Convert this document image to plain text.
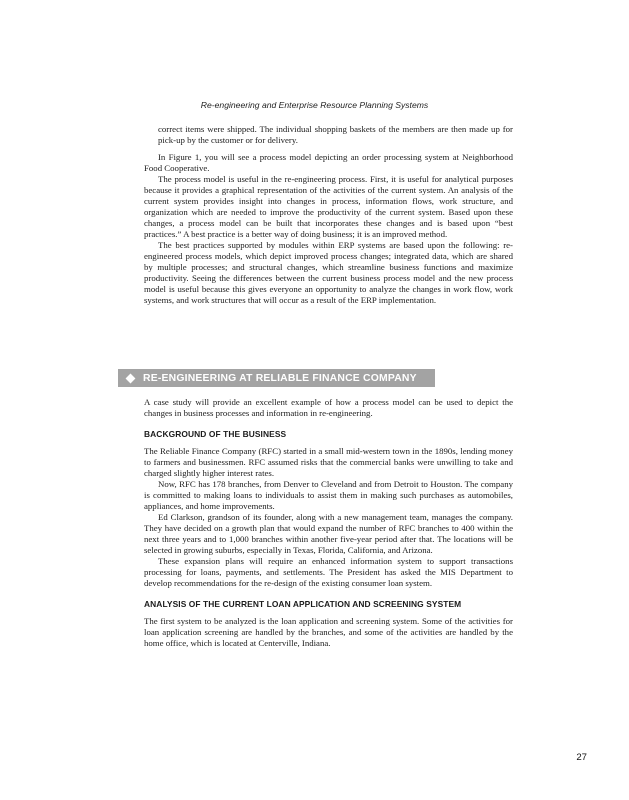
Re-engineering and Enterprise Resource Planning Systems

correct items were shipped. The individual shopping baskets of the members are then made up for pick-up by the customer or for delivery.

In Figure 1, you will see a process model depicting an order processing system at Neighborhood Food Cooperative.

The process model is useful in the re-engineering process. First, it is useful for analytical purposes because it provides a graphical representation of the activities of the current system. An analysis of the current system provides insight into changes in process, information flows, work structure, and organization which are needed to improve the productivity of the current system. Based upon these changes, a process model can be built that incorporates these changes and is based upon “best practices.” A best practice is a better way of doing business; it is an improved method.

The best practices supported by modules within ERP systems are based upon the following: re-engineered process models, which depict improved process changes; integrated data, which are shared by multiple processes; and structural changes, which streamline business functions and maximize productivity. Seeing the differences between the current business process model and the new process model is useful because this gives everyone an opportunity to analyze the changes in work flow, work systems, and work structures that will occur as a result of the ERP implementation.

RE-ENGINEERING AT RELIABLE FINANCE COMPANY

A case study will provide an excellent example of how a process model can be used to depict the changes in business processes and information in re-engineering.

BACKGROUND OF THE BUSINESS

The Reliable Finance Company (RFC) started in a small mid-western town in the 1890s, lending money to farmers and businessmen. RFC assumed risks that the commercial banks were unwilling to take and charged slightly higher interest rates.

Now, RFC has 178 branches, from Denver to Cleveland and from Detroit to Houston. The company is committed to making loans to individuals to assist them in making such purchases as automobiles, appliances, and home improvements.

Ed Clarkson, grandson of its founder, along with a new management team, manages the company. They have decided on a growth plan that would expand the number of RFC branches to 400 within the next three years and to 1,000 branches within another five-year period after that. The locations will be selected in growing suburbs, especially in Texas, Florida, California, and Arizona.

These expansion plans will require an enhanced information system to support transactions processing for loans, payments, and settlements. The President has asked the MIS Department to develop recommendations for the re-design of the existing consumer loan system.

ANALYSIS OF THE CURRENT LOAN APPLICATION AND SCREENING SYSTEM

The first system to be analyzed is the loan application and screening system. Some of the activities for loan application screening are handled by the branches, and some of the activities are handled by the home office, which is located at Centerville, Indiana.

27
